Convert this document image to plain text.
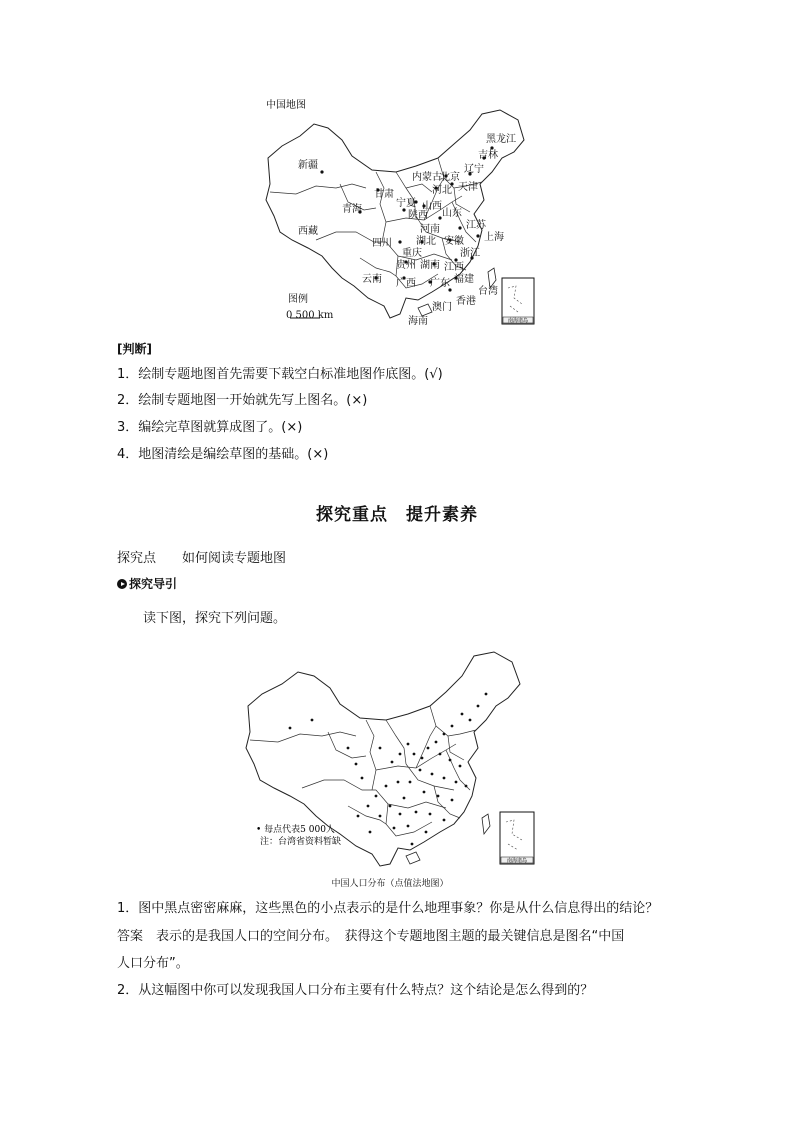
中国地图
黑龙江
吉林
辽宁
北京
天津
内蒙古
河北
新疆
甘肃
宁夏 山西
青海
陕西 山东
河南	江苏
西藏
四川 湖北 安徽 上海
重庆	浙江
贵州 湖南 江西
云南 广西 广东 福建
台湾
香港
澳门
海南
图例
0 500 km	南海诸岛
[判断]
1．绘制专题地图首先需要下载空白标准地图作底图。(√)
2．绘制专题地图一开始就先写上图名。(×)
3．编绘完草图就算成图了。(×)
4．地图清绘是编绘草图的基础。(×)
探究重点　提升素养
探究点　　如何阅读专题地图
探究导引
读下图，探究下列问题。
• 每点代表5 000人
注：台湾省资料暂缺
南海诸岛
中国人口分布（点值法地图）
1．图中黑点密密麻麻，这些黑色的小点表示的是什么地理事象？你是从什么信息得出的结论？
答案　表示的是我国人口的空间分布。　获得这个专题地图主题的最关键信息是图名“中国
人口分布”。
2．从这幅图中你可以发现我国人口分布主要有什么特点？这个结论是怎么得到的？
